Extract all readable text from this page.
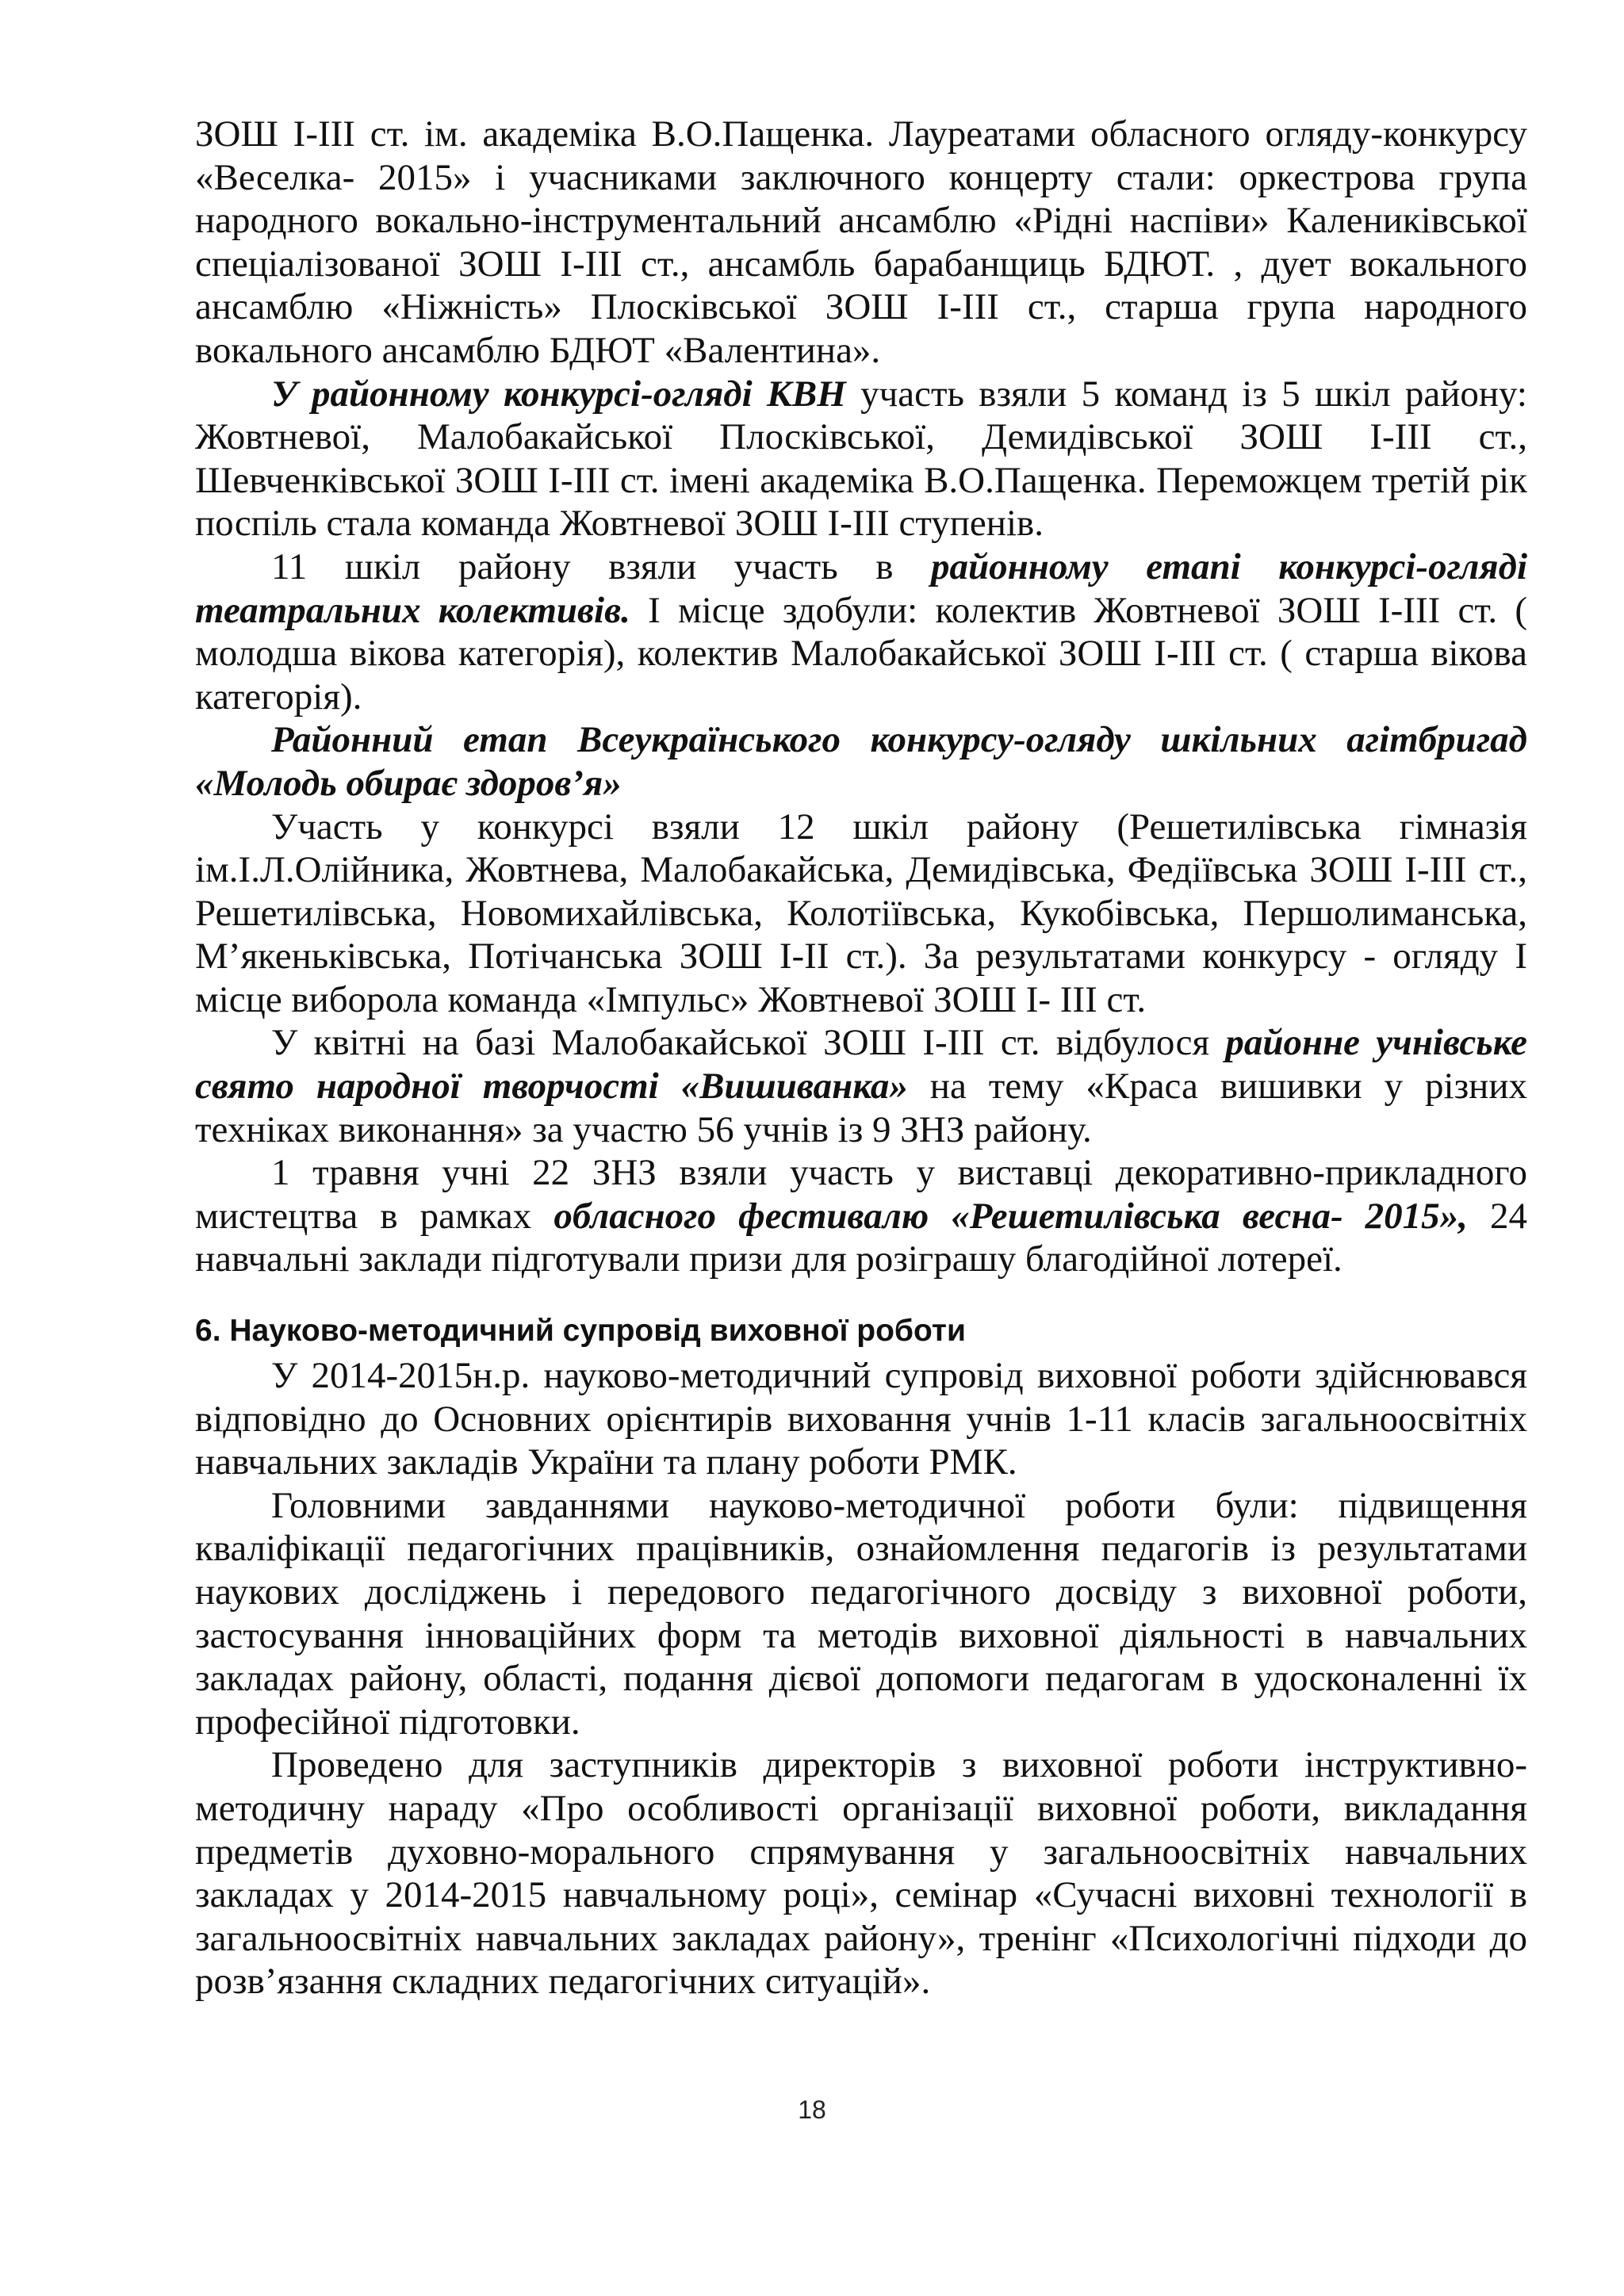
ЗОШ І-ІІІ ст. ім. академіка В.О.Пащенка. Лауреатами обласного огляду-конкурсу «Веселка- 2015» і учасниками заключного концерту стали: оркестрова група народного вокально-інструментальний ансамблю «Рідні наспіви» Калениківської спеціалізованої ЗОШ І-ІІІ ст., ансамбль барабанщиць БДЮТ. , дует вокального ансамблю «Ніжність» Плосківської ЗОШ І-ІІІ ст., старша група народного вокального ансамблю БДЮТ «Валентина».

У районному конкурсі-огляді КВН участь взяли 5 команд із 5 шкіл району: Жовтневої, Малобакайської Плосківської, Демидівської ЗОШ І-ІІІ ст., Шевченківської ЗОШ І-ІІІ ст. імені академіка В.О.Пащенка. Переможцем третій рік поспіль стала команда Жовтневої ЗОШ І-ІІІ ступенів.

11 шкіл району взяли участь в районному етапі конкурсі-огляді театральних колективів. І місце здобули: колектив Жовтневої ЗОШ І-ІІІ ст. ( молодша вікова категорія), колектив Малобакайської ЗОШ І-ІІІ ст. ( старша вікова категорія).

Районний етап Всеукраїнського конкурсу-огляду шкільних агітбригад «Молодь обирає здоров’я»

Участь у конкурсі взяли 12 шкіл району (Решетилівська гімназія ім.І.Л.Олійника, Жовтнева, Малобакайська, Демидівська, Федіївська ЗОШ І-ІІІ ст., Решетилівська, Новомихайлівська, Колотіївська, Кукобівська, Першолиманська, М’якеньківська, Потічанська ЗОШ І-ІІ ст.). За результатами конкурсу - огляду І місце виборола команда «Імпульс» Жовтневої ЗОШ І- ІІІ ст.

У квітні на базі Малобакайської ЗОШ І-ІІІ ст. відбулося районне учнівське свято народної творчості «Вишиванка» на тему «Краса вишивки у різних техніках виконання» за участю 56 учнів із 9 ЗНЗ району.

1 травня учні 22 ЗНЗ взяли участь у виставці декоративно-прикладного мистецтва в рамках обласного фестивалю «Решетилівська весна- 2015», 24 навчальні заклади підготували призи для розіграшу благодійної лотереї.

6. Науково-методичний супровід виховної роботи

У 2014-2015н.р. науково-методичний супровід виховної роботи здійснювався відповідно до Основних орієнтирів виховання учнів 1-11 класів загальноосвітніх навчальних закладів України та плану роботи РМК.

Головними завданнями науково-методичної роботи були: підвищення кваліфікації педагогічних працівників, ознайомлення педагогів із результатами наукових досліджень і передового педагогічного досвіду з виховної роботи, застосування інноваційних форм та методів виховної діяльності в навчальних закладах району, області, подання дієвої допомоги педагогам в удосконаленні їх професійної підготовки.

Проведено для заступників директорів з виховної роботи інструктивно-методичну нараду «Про особливості організації виховної роботи, викладання предметів духовно-морального спрямування у загальноосвітніх навчальних закладах у 2014-2015 навчальному році», семінар «Сучасні виховні технології в загальноосвітніх навчальних закладах району», тренінг «Психологічні підходи до розв’язання складних педагогічних ситуацій».

18
